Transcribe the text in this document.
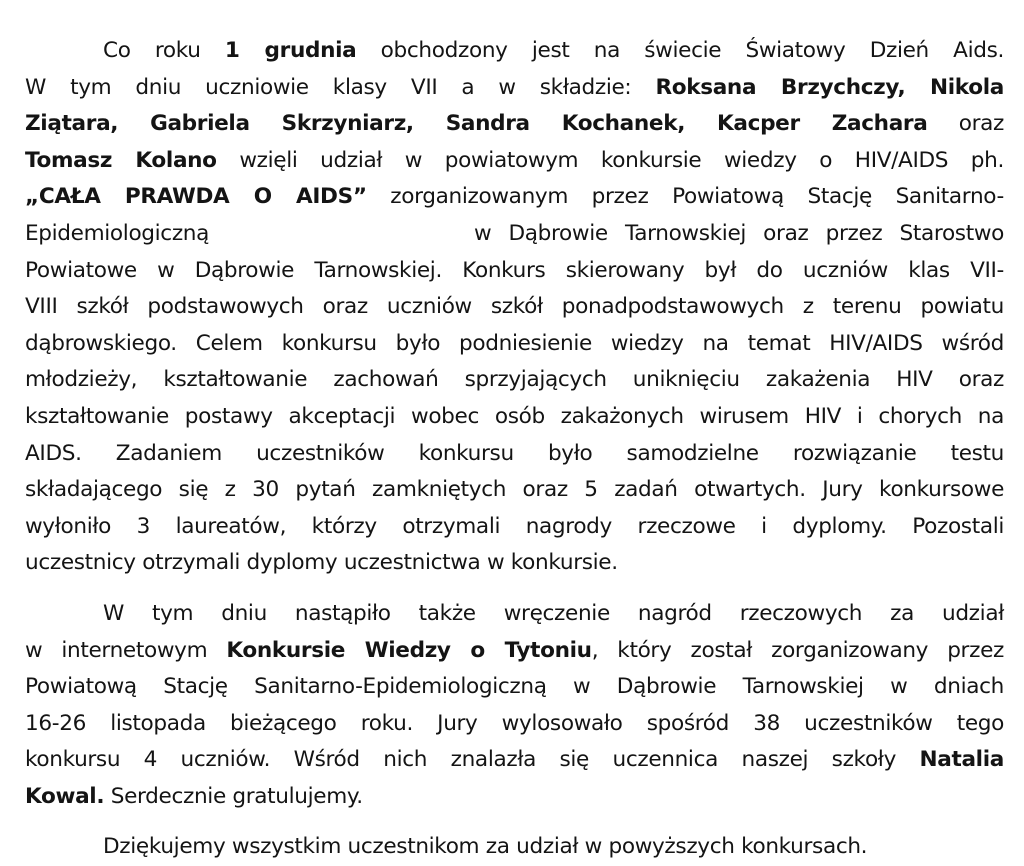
Co roku 1 grudnia obchodzony jest na świecie Światowy Dzień Aids.
W tym dniu uczniowie klasy VII a w składzie: Roksana Brzychczy, Nikola
Ziątara, Gabriela Skrzyniarz, Sandra Kochanek, Kacper Zachara oraz
Tomasz Kolano wzięli udział w powiatowym konkursie wiedzy o HIV/AIDS ph.
„CAŁA PRAWDA O AIDS” zorganizowanym przez Powiatową Stację Sanitarno-
Epidemiologiczną	w Dąbrowie Tarnowskiej oraz przez Starostwo
Powiatowe w Dąbrowie Tarnowskiej. Konkurs skierowany był do uczniów klas VII-
VIII szkół podstawowych oraz uczniów szkół ponadpodstawowych z terenu powiatu
dąbrowskiego. Celem konkursu było podniesienie wiedzy na temat HIV/AIDS wśród
młodzieży, kształtowanie zachowań sprzyjających uniknięciu zakażenia HIV oraz
kształtowanie postawy akceptacji wobec osób zakażonych wirusem HIV i chorych na
AIDS. Zadaniem uczestników konkursu było samodzielne rozwiązanie testu
składającego się z 30 pytań zamkniętych oraz 5 zadań otwartych. Jury konkursowe
wyłoniło 3 laureatów, którzy otrzymali nagrody rzeczowe i dyplomy. Pozostali
uczestnicy otrzymali dyplomy uczestnictwa w konkursie.
W tym dniu nastąpiło także wręczenie nagród rzeczowych za udział
w internetowym Konkursie Wiedzy o Tytoniu, który został zorganizowany przez
Powiatową Stację Sanitarno-Epidemiologiczną w Dąbrowie Tarnowskiej w dniach
16-26 listopada bieżącego roku. Jury wylosowało spośród 38 uczestników tego
konkursu 4 uczniów. Wśród nich znalazła się uczennica naszej szkoły Natalia
Kowal. Serdecznie gratulujemy.
Dziękujemy wszystkim uczestnikom za udział w powyższych konkursach.
